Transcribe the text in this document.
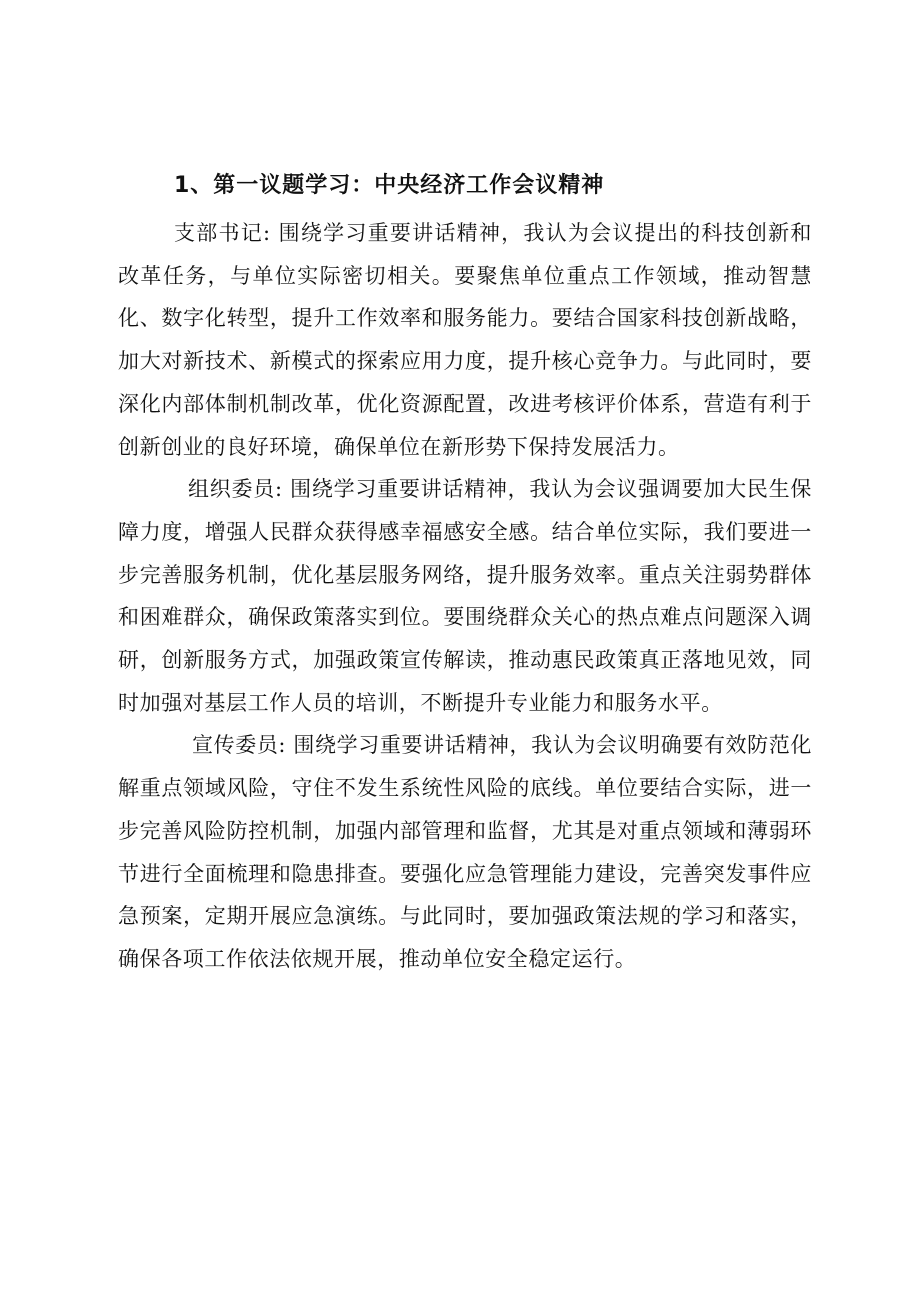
1、第一议题学习：中央经济工作会议精神

支部书记: 围绕学习重要讲话精神，我认为会议提出的科技创新和改革任务，与单位实际密切相关。要聚焦单位重点工作领域，推动智慧化、数字化转型，提升工作效率和服务能力。要结合国家科技创新战略，加大对新技术、新模式的探索应用力度，提升核心竞争力。与此同时，要深化内部体制机制改革，优化资源配置，改进考核评价体系，营造有利于创新创业的良好环境，确保单位在新形势下保持发展活力。

组织委员: 围绕学习重要讲话精神，我认为会议强调要加大民生保障力度，增强人民群众获得感幸福感安全感。结合单位实际，我们要进一步完善服务机制，优化基层服务网络，提升服务效率。重点关注弱势群体和困难群众，确保政策落实到位。要围绕群众关心的热点难点问题深入调研，创新服务方式，加强政策宣传解读，推动惠民政策真正落地见效，同时加强对基层工作人员的培训，不断提升专业能力和服务水平。

宣传委员: 围绕学习重要讲话精神，我认为会议明确要有效防范化解重点领域风险，守住不发生系统性风险的底线。单位要结合实际，进一步完善风险防控机制，加强内部管理和监督，尤其是对重点领域和薄弱环节进行全面梳理和隐患排查。要强化应急管理能力建设，完善突发事件应急预案，定期开展应急演练。与此同时，要加强政策法规的学习和落实，确保各项工作依法依规开展，推动单位安全稳定运行。
